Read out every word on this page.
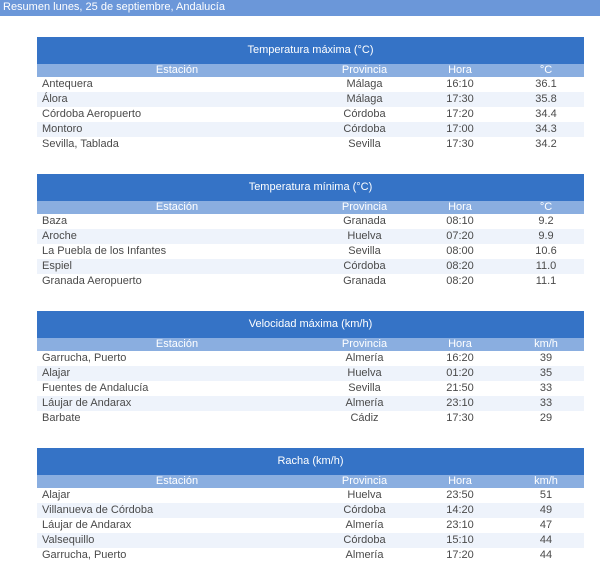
Resumen lunes, 25 de septiembre, Andalucía
Temperatura máxima (°C)
Estación	Provincia	Hora	°C
Antequera	Málaga	16:10	36.1
Álora	Málaga	17:30	35.8
Córdoba Aeropuerto	Córdoba	17:20	34.4
Montoro	Córdoba	17:00	34.3
Sevilla, Tablada	Sevilla	17:30	34.2
Temperatura mínima (°C)
Estación	Provincia	Hora	°C
Baza	Granada	08:10	9.2
Aroche	Huelva	07:20	9.9
La Puebla de los Infantes	Sevilla	08:00	10.6
Espiel	Córdoba	08:20	11.0
Granada Aeropuerto	Granada	08:20	11.1
Velocidad máxima (km/h)
Estación	Provincia	Hora	km/h
Garrucha, Puerto	Almería	16:20	39
Alajar	Huelva	01:20	35
Fuentes de Andalucía	Sevilla	21:50	33
Láujar de Andarax	Almería	23:10	33
Barbate	Cádiz	17:30	29
Racha (km/h)
Estación	Provincia	Hora	km/h
Alajar	Huelva	23:50	51
Villanueva de Córdoba	Córdoba	14:20	49
Láujar de Andarax	Almería	23:10	47
Valsequillo	Córdoba	15:10	44
Garrucha, Puerto	Almería	17:20	44
